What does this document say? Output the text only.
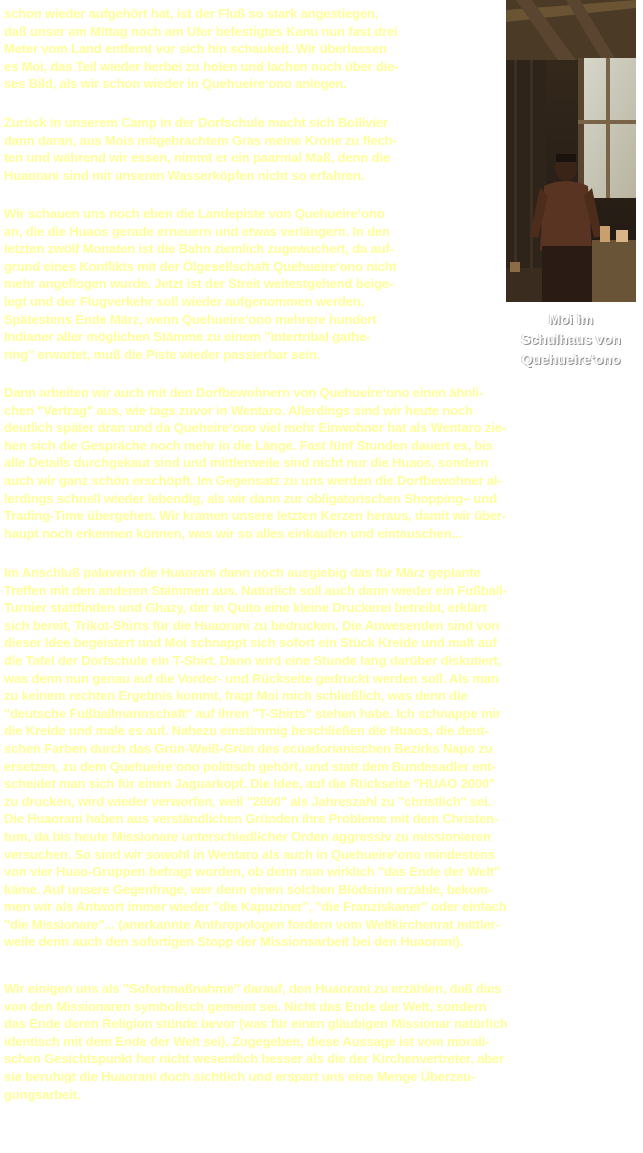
Moi im
Schulhaus von
Quehueire‘ono
schon wieder aufgehört hat, ist der Fluß so stark angestiegen,
daß unser am Mittag noch am Ufer befestigtes Kanu nun fast drei
Meter vom Land entfernt vor sich hin schaukelt. Wir überlassen
es Moi, das Teil wieder herbei zu holen und lachen noch über die-
ses Bild, als wir schon wieder in Quehueire‘ono anlegen.
Zurück in unserem Camp in der Dorfschule macht sich Bollivier
dann daran, aus Mois mitgebrachtem Gras meine Krone zu flech-
ten und während wir essen, nimmt er ein paarmal Maß, denn die
Huaorani sind mit unseren Wasserköpfen nicht so erfahren.
Wir schauen uns noch eben die Landepiste von Quehueire‘ono
an, die die Huaos gerade erneuern und etwas verlängern. In den
letzten zwölf Monaten ist die Bahn ziemlich zugewuchert, da auf-
grund eines Konflikts mit der Ölgesellschaft Quehueire‘ono nicht
mehr angeflogen wurde. Jetzt ist der Streit weitestgehend beige-
legt und der Flugverkehr soll wieder aufgenommen werden.
Spätestens Ende März, wenn Quehueire‘ono mehrere hundert
Indianer aller möglichen Stämme zu einem "intertribal gathe-
ring" erwartet, muß die Piste wieder passierbar sein.
Dann arbeiten wir auch mit den Dorfbewohnern von Quehueire‘ono einen ähnli-
chen "Vertrag" aus, wie tags zuvor in Wentaro. Allerdings sind wir heute noch
deutlich später dran und da Queheire‘ono viel mehr Einwohner hat als Wentaro zie-
hen sich die Gespräche noch mehr in die Länge. Fast fünf Stunden dauert es, bis
alle Details durchgekaut sind und mittlerweile sind nicht nur die Huaos, sondern
auch wir ganz schön erschöpft. Im Gegensatz zu uns werden die Dorfbewohner al-
lerdings schnell wieder lebendig, als wir dann zur obligatorischen Shopping– und
Trading-Time übergehen. Wir kramen unsere letzten Kerzen heraus, damit wir über-
haupt noch erkennen können, was wir so alles einkaufen und eintauschen...
Im Anschluß palavern die Huaorani dann noch ausgiebig das für März geplante
Treffen mit den anderen Stämmen aus. Natürlich soll auch dann wieder ein Fußball-
Turnier stattfinden und Ghazy, der in Quito eine kleine Druckerei betreibt, erklärt
sich bereit, Trikot-Shirts für die Huaorani zu bedrucken. Die Anwesenden sind von
dieser Idee begeistert und Moi schnappt sich sofort ein Stück Kreide und malt auf
die Tafel der Dorfschule ein T-Shirt. Dann wird eine Stunde lang darüber diskutiert,
was denn nun genau auf die Vorder- und Rückseite gedruckt werden soll. Als man
zu keinem rechten Ergebnis kommt, fragt Moi mich schließlich, was denn die
"deutsche Fußballmannschaft" auf ihren "T-Shirts" stehen habe. Ich schnappe mir
die Kreide und male es auf. Nahezu einstimmig beschließen die Huaos, die deut-
schen Farben durch das Grün-Weiß-Grün des ecuadorianischen Bezirks Napo zu
ersetzen, zu dem Quehueire‘ono politisch gehört, und statt dem Bundesadler ent-
scheidet man sich für einen Jaguarkopf. Die Idee, auf die Rückseite "HUAO 2000"
zu drucken, wird wieder verworfen, weil "2000" als Jahreszahl zu "christlich" sei.
Die Huaorani haben aus verständlichen Gründen ihre Probleme mit dem Christen-
tum, da bis heute Missionare unterschiedlicher Orden aggressiv zu missionieren
versuchen. So sind wir sowohl in Wentaro als auch in Quehueire‘ono mindestens
von vier Huao-Gruppen befragt worden, ob denn nun wirklich "das Ende der Welt"
käme. Auf unsere Gegenfrage, wer denn einen solchen Blödsinn erzähle, bekom-
men wir als Antwort immer wieder "die Kapuziner", "die Franziskaner" oder einfach
"die Missionare"... (anerkannte Anthropologen fordern vom Weltkirchenrat mittler-
weile denn auch den sofortigen Stopp der Missionsarbeit bei den Huaorani).
Wir einigen uns als "Sofortmaßnahme" darauf, den Huaorani zu erzählen, daß dies
von den Missionaren symbolisch gemeint sei. Nicht das Ende der Welt, sondern
das Ende deren Religion stünde bevor (was für einen gläubigen Missionar natürlich
identisch mit dem Ende der Welt sei). Zugegeben, diese Aussage ist vom morali-
schen Gesichtspunkt her nicht wesentlich besser als die der Kirchenvertreter, aber
sie beruhigt die Huaorani doch sichtlich und erspart uns eine Menge Überzeu-
gungsarbeit.
